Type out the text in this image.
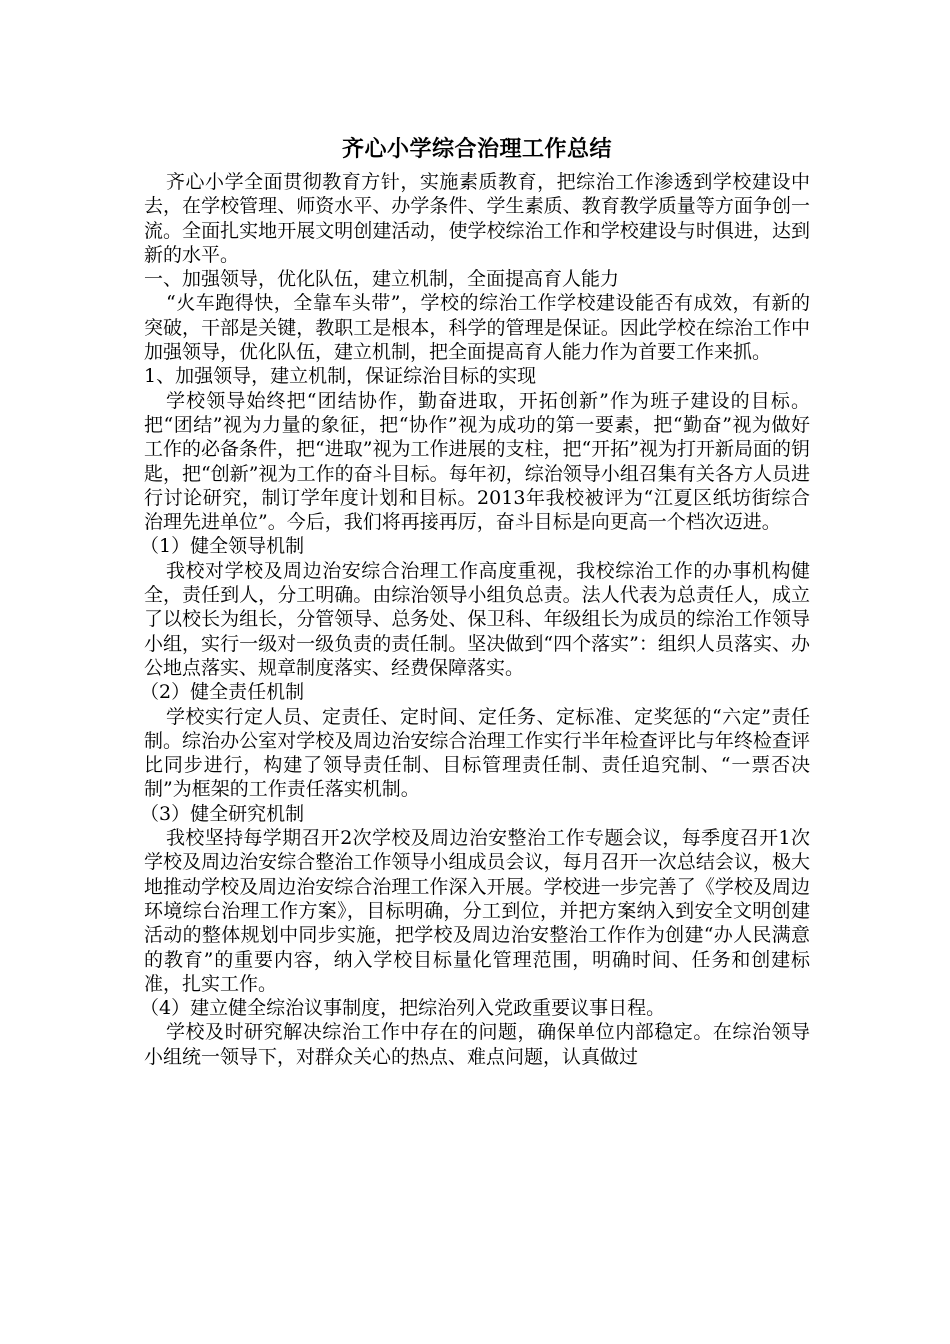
齐心小学综合治理工作总结

齐心小学全面贯彻教育方针，实施素质教育，把综治工作渗透到学校建设中去，在学校管理、师资水平、办学条件、学生素质、教育教学质量等方面争创一流。全面扎实地开展文明创建活动，使学校综治工作和学校建设与时俱进，达到新的水平。

一、加强领导，优化队伍，建立机制，全面提高育人能力

“火车跑得快，全靠车头带”，学校的综治工作学校建设能否有成效，有新的突破，干部是关键，教职工是根本，科学的管理是保证。因此学校在综治工作中加强领导，优化队伍，建立机制，把全面提高育人能力作为首要工作来抓。

1、加强领导，建立机制，保证综治目标的实现

学校领导始终把“团结协作，勤奋进取，开拓创新”作为班子建设的目标。把“团结”视为力量的象征，把“协作”视为成功的第一要素，把“勤奋”视为做好工作的必备条件，把“进取”视为工作进展的支柱，把“开拓”视为打开新局面的钥匙，把“创新”视为工作的奋斗目标。每年初，综治领导小组召集有关各方人员进行讨论研究，制订学年度计划和目标。2013年我校被评为“江夏区纸坊街综合治理先进单位”。今后，我们将再接再厉，奋斗目标是向更高一个档次迈进。

（1）健全领导机制

我校对学校及周边治安综合治理工作高度重视，我校综治工作的办事机构健全，责任到人，分工明确。由综治领导小组负总责。法人代表为总责任人，成立了以校长为组长，分管领导、总务处、保卫科、年级组长为成员的综治工作领导小组，实行一级对一级负责的责任制。坚决做到“四个落实”：组织人员落实、办公地点落实、规章制度落实、经费保障落实。

（2）健全责任机制

学校实行定人员、定责任、定时间、定任务、定标准、定奖惩的“六定”责任制。综治办公室对学校及周边治安综合治理工作实行半年检查评比与年终检查评比同步进行，构建了领导责任制、目标管理责任制、责任追究制、“一票否决制”为框架的工作责任落实机制。

（3）健全研究机制

我校坚持每学期召开2次学校及周边治安整治工作专题会议，每季度召开1次学校及周边治安综合整治工作领导小组成员会议，每月召开一次总结会议，极大地推动学校及周边治安综合治理工作深入开展。学校进一步完善了《学校及周边环境综台治理工作方案》，目标明确，分工到位，并把方案纳入到安全文明创建活动的整体规划中同步实施，把学校及周边治安整治工作作为创建“办人民满意的教育”的重要内容，纳入学校目标量化管理范围，明确时间、任务和创建标准，扎实工作。

（4）建立健全综治议事制度，把综治列入党政重要议事日程。

学校及时研究解决综治工作中存在的问题，确保单位内部稳定。在综治领导小组统一领导下，对群众关心的热点、难点问题，认真做过
